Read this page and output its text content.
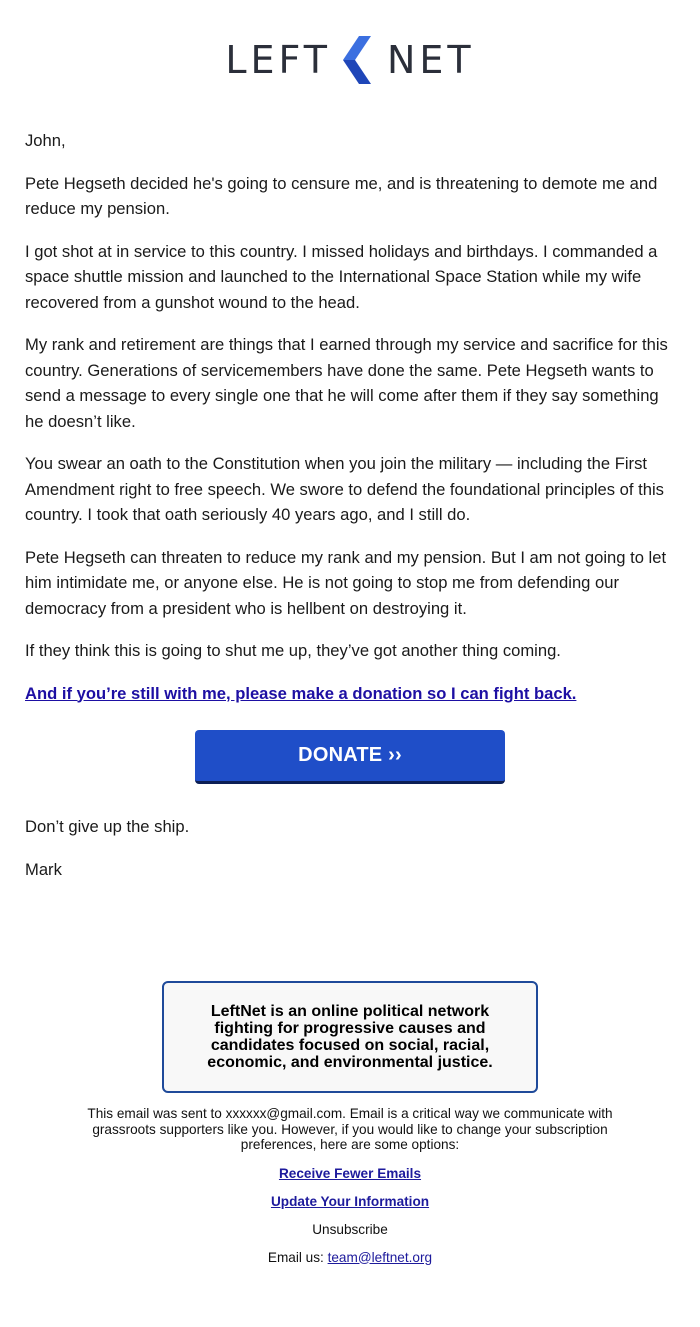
LEFT NET

John,

Pete Hegseth decided he's going to censure me, and is threatening to demote me and reduce my pension.

I got shot at in service to this country. I missed holidays and birthdays. I commanded a space shuttle mission and launched to the International Space Station while my wife recovered from a gunshot wound to the head.

My rank and retirement are things that I earned through my service and sacrifice for this country. Generations of servicemembers have done the same. Pete Hegseth wants to send a message to every single one that he will come after them if they say something he doesn’t like.

You swear an oath to the Constitution when you join the military — including the First Amendment right to free speech. We swore to defend the foundational principles of this country. I took that oath seriously 40 years ago, and I still do.

Pete Hegseth can threaten to reduce my rank and my pension. But I am not going to let him intimidate me, or anyone else. He is not going to stop me from defending our democracy from a president who is hellbent on destroying it.

If they think this is going to shut me up, they’ve got another thing coming.

And if you’re still with me, please make a donation so I can fight back.

DONATE ››

Don’t give up the ship.

Mark

LeftNet is an online political network fighting for progressive causes and candidates focused on social, racial, economic, and environmental justice.

This email was sent to xxxxxx@gmail.com. Email is a critical way we communicate with grassroots supporters like you. However, if you would like to change your subscription preferences, here are some options:

Receive Fewer Emails

Update Your Information

Unsubscribe

Email us: team@leftnet.org
